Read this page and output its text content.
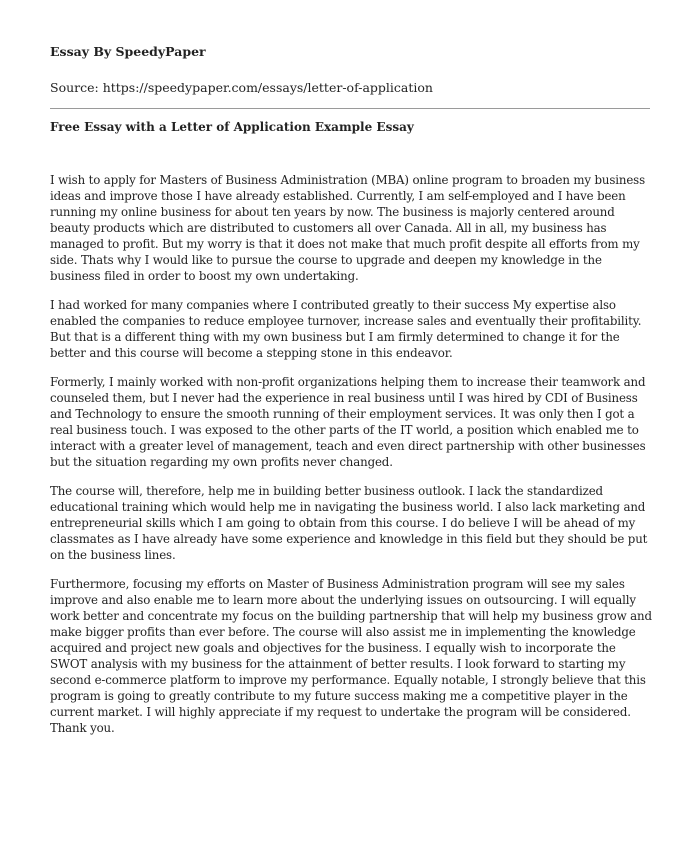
Essay By SpeedyPaper
Source: https://speedypaper.com/essays/letter-of-application
Free Essay with a Letter of Application Example Essay

I wish to apply for Masters of Business Administration (MBA) online program to broaden my business ideas and improve those I have already established. Currently, I am self-employed and I have been running my online business for about ten years by now. The business is majorly centered around beauty products which are distributed to customers all over Canada. All in all, my business has managed to profit. But my worry is that it does not make that much profit despite all efforts from my side. Thats why I would like to pursue the course to upgrade and deepen my knowledge in the business filed in order to boost my own undertaking.

I had worked for many companies where I contributed greatly to their success My expertise also enabled the companies to reduce employee turnover, increase sales and eventually their profitability. But that is a different thing with my own business but I am firmly determined to change it for the better and this course will become a stepping stone in this endeavor.

Formerly, I mainly worked with non-profit organizations helping them to increase their teamwork and counseled them, but I never had the experience in real business until I was hired by CDI of Business and Technology to ensure the smooth running of their employment services. It was only then I got a real business touch. I was exposed to the other parts of the IT world, a position which enabled me to interact with a greater level of management, teach and even direct partnership with other businesses but the situation regarding my own profits never changed.

The course will, therefore, help me in building better business outlook. I lack the standardized educational training which would help me in navigating the business world. I also lack marketing and entrepreneurial skills which I am going to obtain from this course. I do believe I will be ahead of my classmates as I have already have some experience and knowledge in this field but they should be put on the business lines.

Furthermore, focusing my efforts on Master of Business Administration program will see my sales improve and also enable me to learn more about the underlying issues on outsourcing. I will equally work better and concentrate my focus on the building partnership that will help my business grow and make bigger profits than ever before. The course will also assist me in implementing the knowledge acquired and project new goals and objectives for the business. I equally wish to incorporate the SWOT analysis with my business for the attainment of better results. I look forward to starting my second e-commerce platform to improve my performance. Equally notable, I strongly believe that this program is going to greatly contribute to my future success making me a competitive player in the current market. I will highly appreciate if my request to undertake the program will be considered. Thank you.
